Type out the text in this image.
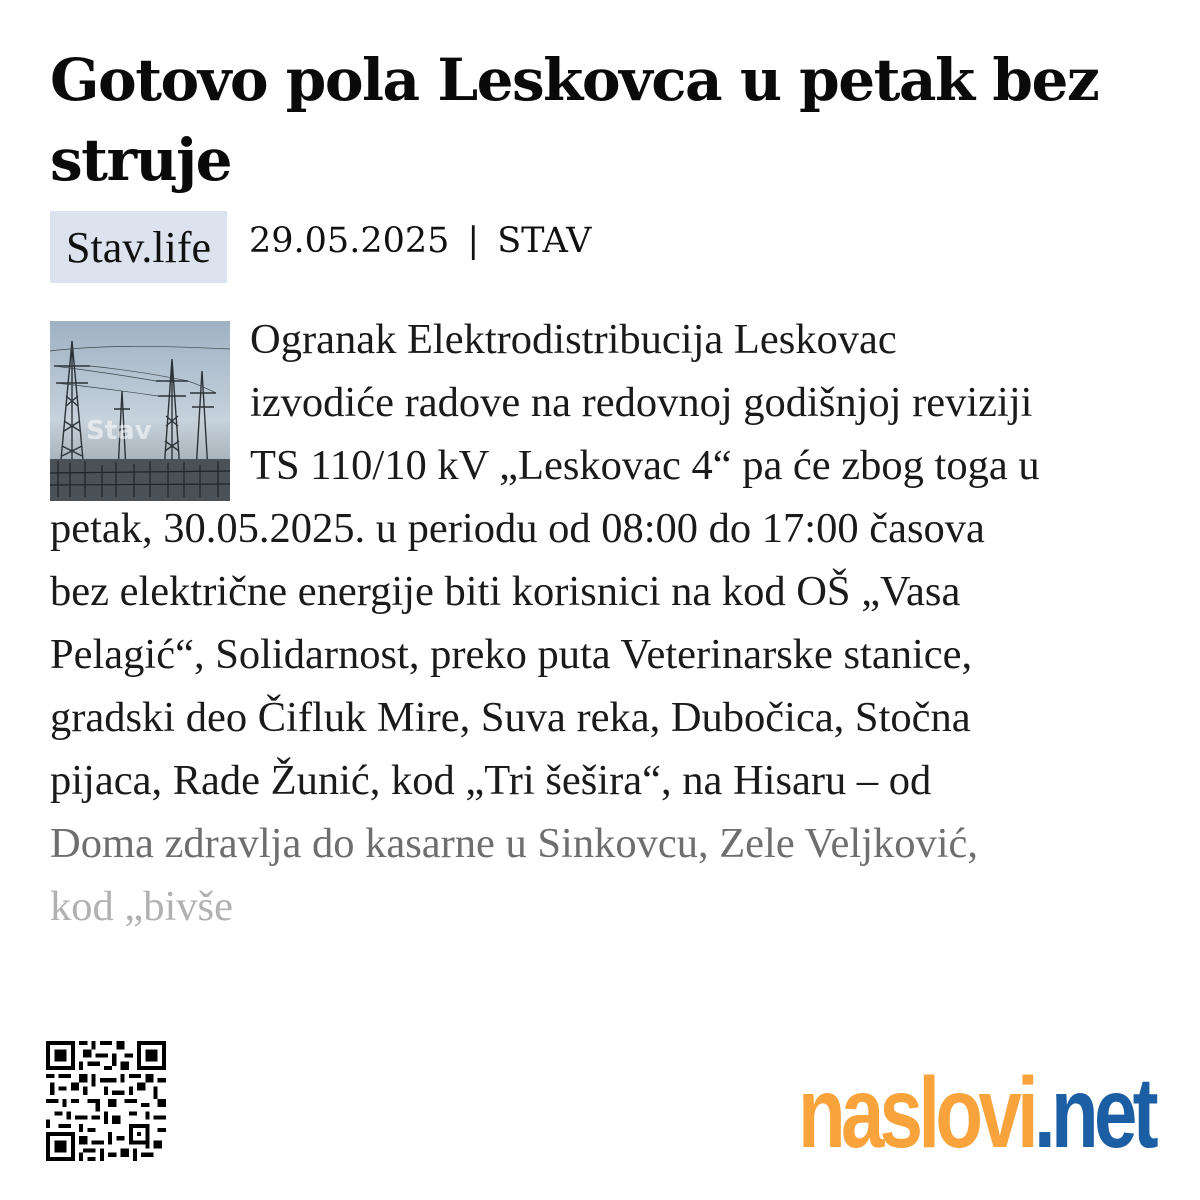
Gotovo pola Leskovca u petak bez struje
Stav.life	29.05.2025 | STAV
Stav
Ogranak Elektrodistribucija Leskovac
izvodiće radove na redovnoj godišnjoj reviziji
TS 110/10 kV „Leskovac 4“ pa će zbog toga u
petak, 30.05.2025. u periodu od 08:00 do 17:00 časova
bez električne energije biti korisnici na kod OŠ „Vasa
Pelagić“, Solidarnost, preko puta Veterinarske stanice,
gradski deo Čifluk Mire, Suva reka, Dubočica, Stočna
pijaca, Rade Žunić, kod „Tri šešira“, na Hisaru – od
Doma zdravlja do kasarne u Sinkovcu, Zele Veljković,
kod „bivše
naslovi.net
